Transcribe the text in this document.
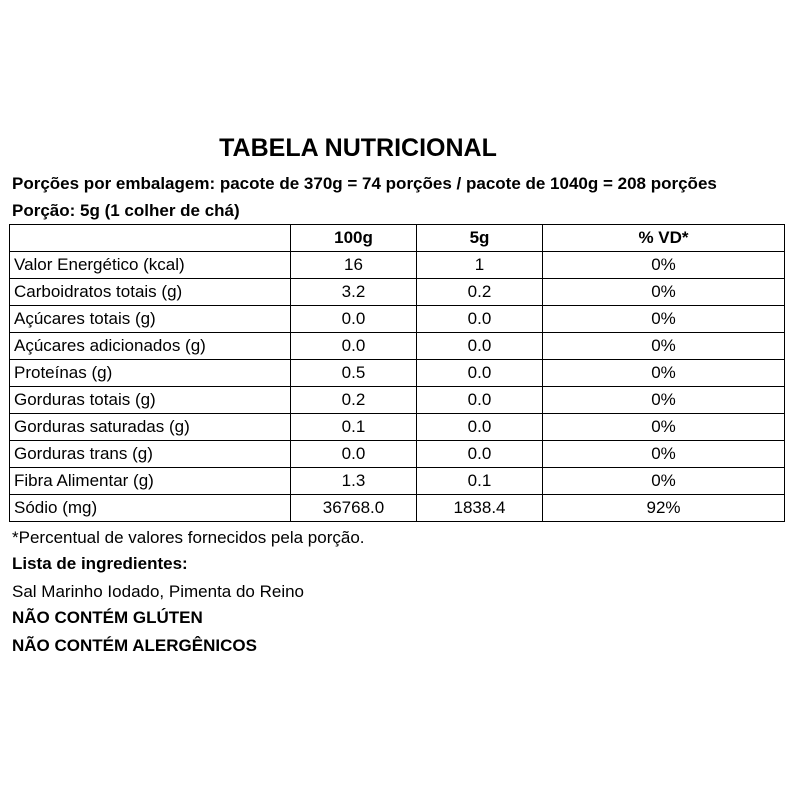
TABELA NUTRICIONAL
Porções por embalagem: pacote de 370g = 74 porções / pacote de 1040g = 208 porções
Porção: 5g (1 colher de chá)
	100g	5g	% VD*
Valor Energético (kcal)	16	1	0%
Carboidratos totais (g)	3.2	0.2	0%
Açúcares totais (g)	0.0	0.0	0%
Açúcares adicionados (g)	0.0	0.0	0%
Proteínas (g)	0.5	0.0	0%
Gorduras totais (g)	0.2	0.0	0%
Gorduras saturadas (g)	0.1	0.0	0%
Gorduras trans (g)	0.0	0.0	0%
Fibra Alimentar (g)	1.3	0.1	0%
Sódio (mg)	36768.0	1838.4	92%
*Percentual de valores fornecidos pela porção.
Lista de ingredientes:
Sal Marinho Iodado, Pimenta do Reino
NÃO CONTÉM GLÚTEN
NÃO CONTÉM ALERGÊNICOS
